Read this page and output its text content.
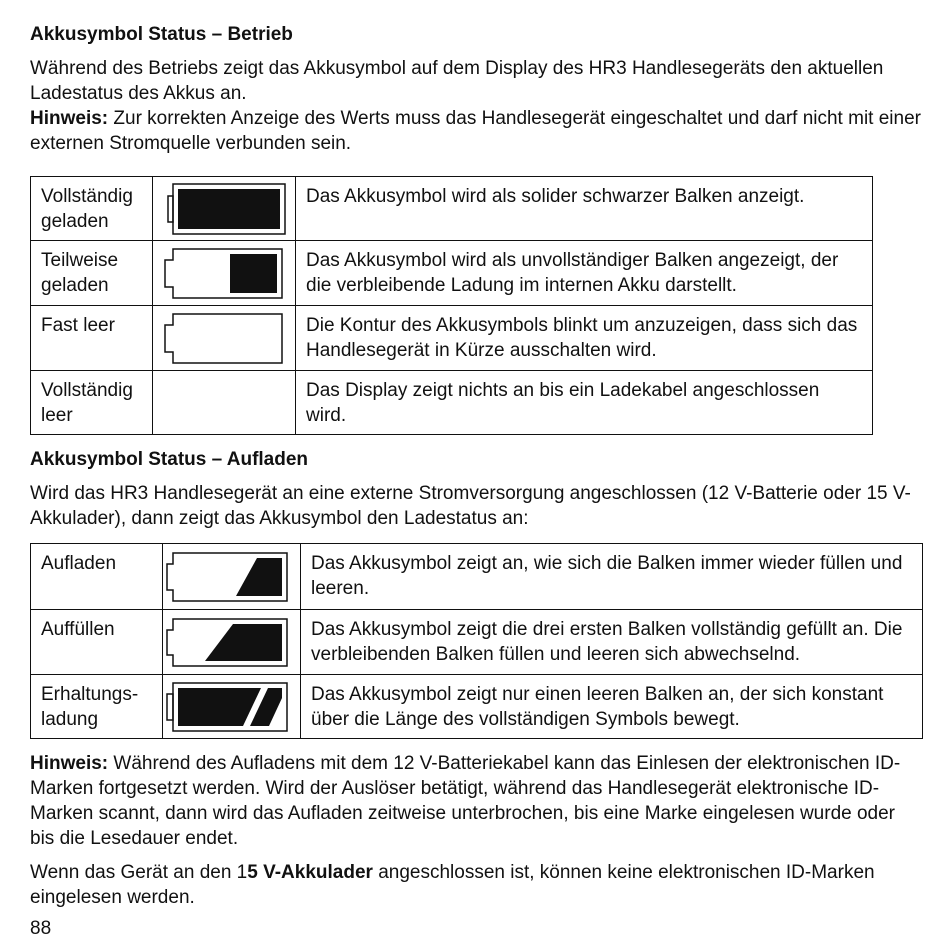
Akkusymbol Status – Betrieb

Während des Betriebs zeigt das Akkusymbol auf dem Display des HR3 Handlesegeräts den aktuellen Ladestatus des Akkus an.

Hinweis: Zur korrekten Anzeige des Werts muss das Handlesegerät eingeschaltet und darf nicht mit einer externen Stromquelle verbunden sein.

Vollständig geladen		Das Akkusymbol wird als solider schwarzer Balken anzeigt.
Teilweise geladen		Das Akkusymbol wird als unvollständiger Balken angezeigt, der die verbleibende Ladung im internen Akku darstellt.
Fast leer		Die Kontur des Akkusymbols blinkt um anzuzeigen, dass sich das Handlesegerät in Kürze ausschalten wird.
Vollständig leer		Das Display zeigt nichts an bis ein Ladekabel angeschlossen wird.
Akkusymbol Status – Aufladen

Wird das HR3 Handlesegerät an eine externe Stromversorgung angeschlossen (12 V-Batterie oder 15 V-Akkulader), dann zeigt das Akkusymbol den Ladestatus an:

Aufladen		Das Akkusymbol zeigt an, wie sich die Balken immer wieder füllen und leeren.
Auffüllen		Das Akkusymbol zeigt die drei ersten Balken vollständig gefüllt an. Die verbleibenden Balken füllen und leeren sich abwechselnd.
Erhaltungs-ladung		Das Akkusymbol zeigt nur einen leeren Balken an, der sich konstant über die Länge des vollständigen Symbols bewegt.

Hinweis: Während des Aufladens mit dem 12 V-Batteriekabel kann das Einlesen der elektronischen ID-Marken fortgesetzt werden. Wird der Auslöser betätigt, während das Handlesegerät elektronische ID-Marken scannt, dann wird das Aufladen zeitweise unterbrochen, bis eine Marke eingelesen wurde oder bis die Lesedauer endet.

Wenn das Gerät an den 15 V-Akkulader angeschlossen ist, können keine elektronischen ID-Marken eingelesen werden.

88
